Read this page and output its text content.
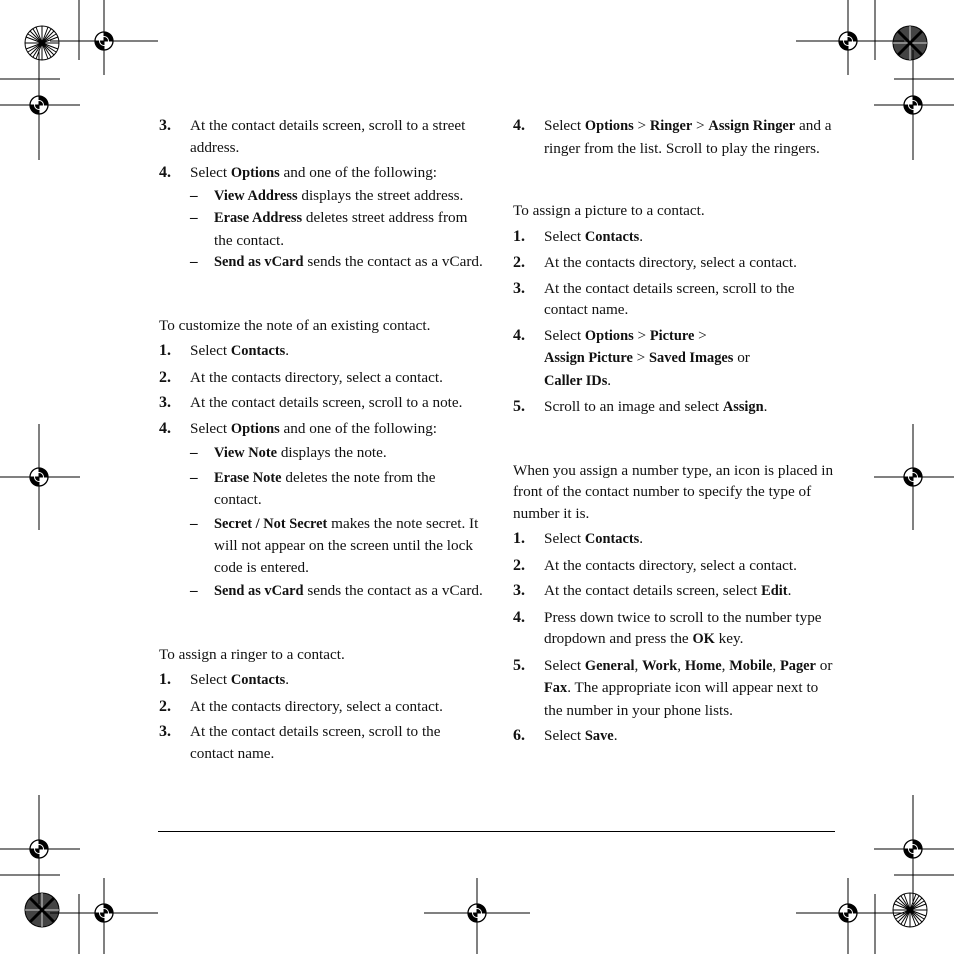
3. At the contact details screen, scroll to a street address.
4. Select Options and one of the following:
– View Address displays the street address.
– Erase Address deletes street address from the contact.
– Send as vCard sends the contact as a vCard.

To customize the note of an existing contact.

1. Select Contacts.
2. At the contacts directory, select a contact.
3. At the contact details screen, scroll to a note.
4. Select Options and one of the following:
– View Note displays the note.
– Erase Note deletes the note from the contact.
– Secret / Not Secret makes the note secret. It will not appear on the screen until the lock code is entered.
– Send as vCard sends the contact as a vCard.

To assign a ringer to a contact.

1. Select Contacts.
2. At the contacts directory, select a contact.
3. At the contact details screen, scroll to the contact name.
4. Select Options > Ringer > Assign Ringer and a ringer from the list. Scroll to play the ringers.

To assign a picture to a contact.

1. Select Contacts.
2. At the contacts directory, select a contact.
3. At the contact details screen, scroll to the contact name.
4. Select Options > Picture >
Assign Picture > Saved Images or
Caller IDs.
5. Scroll to an image and select Assign.

When you assign a number type, an icon is placed in front of the contact number to specify the type of number it is.

1. Select Contacts.
2. At the contacts directory, select a contact.
3. At the contact details screen, select Edit.
4. Press down twice to scroll to the number type dropdown and press the OK key.
5. Select General, Work, Home, Mobile, Pager or Fax. The appropriate icon will appear next to the number in your phone lists.
6. Select Save.
